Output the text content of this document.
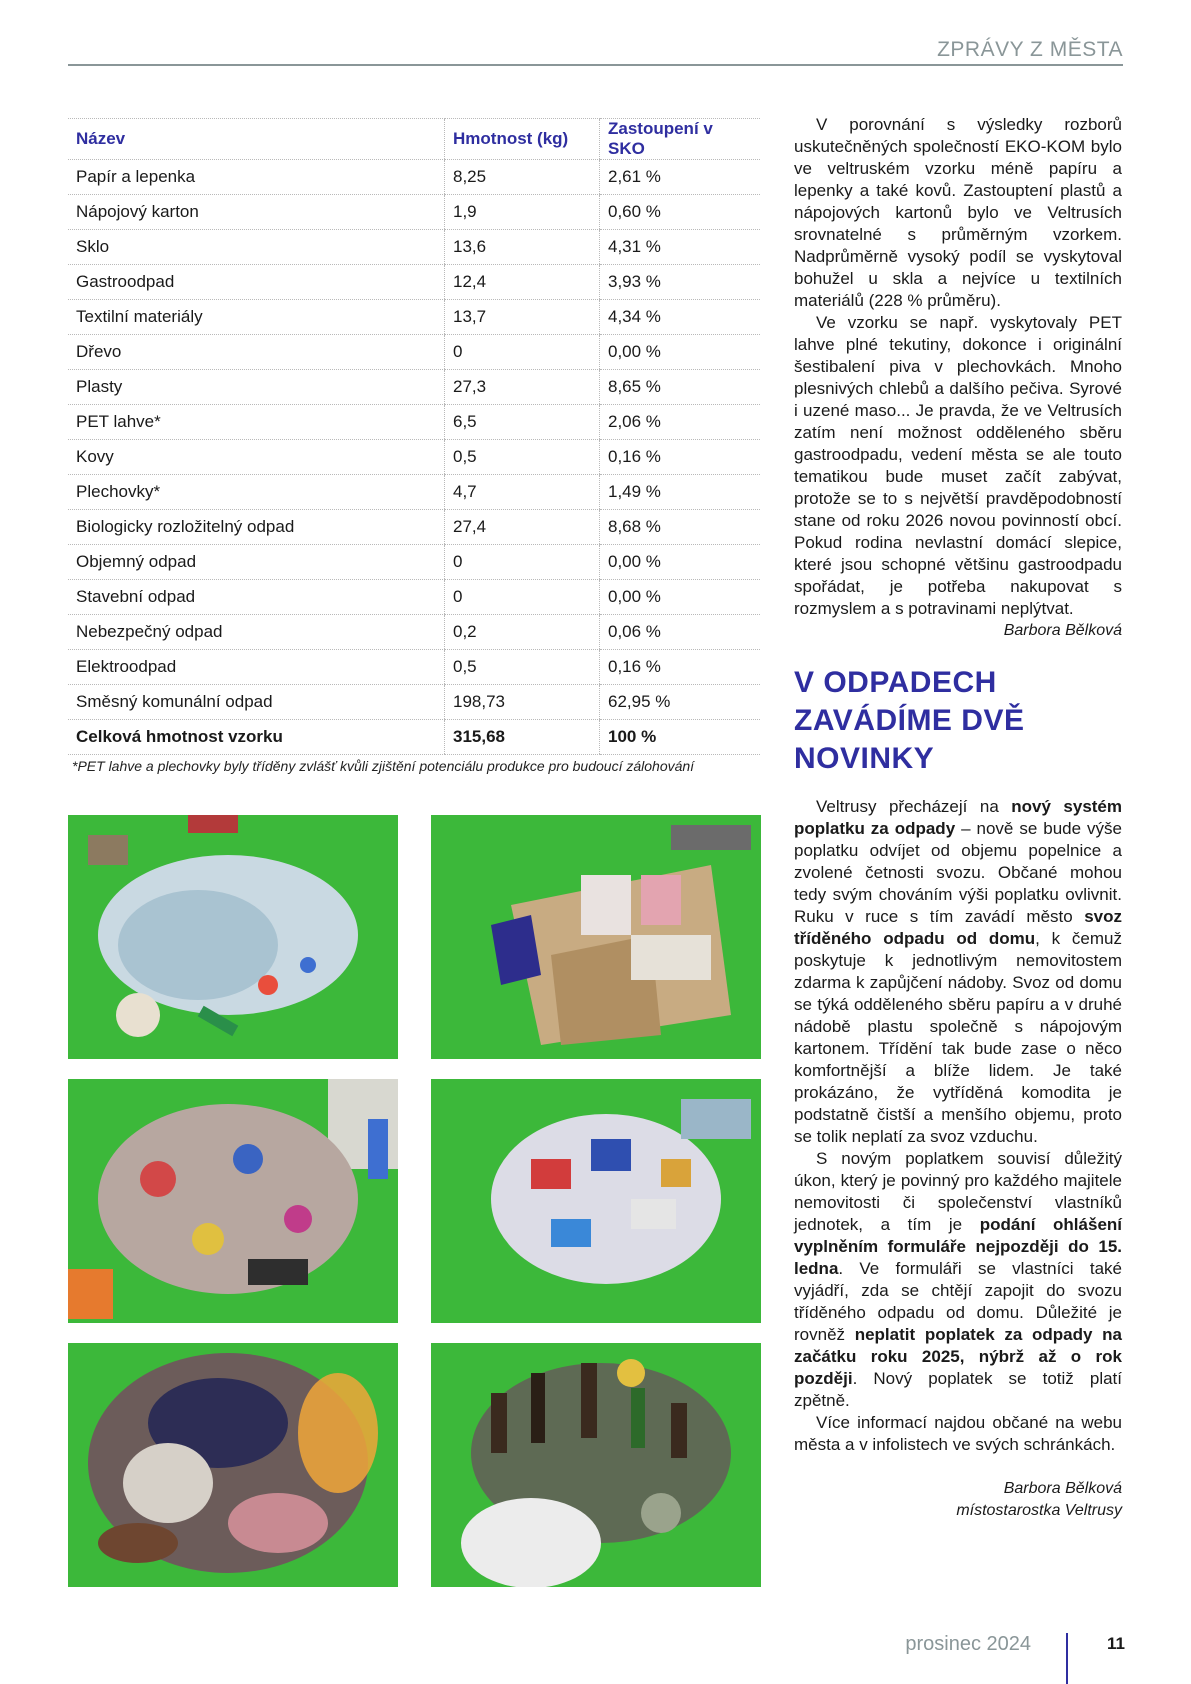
ZPRÁVY Z MĚSTA
Název	Hmotnost (kg)	Zastoupení v SKO
Papír a lepenka	8,25	2,61 %
Nápojový karton	1,9	0,60 %
Sklo	13,6	4,31 %
Gastroodpad	12,4	3,93 %
Textilní materiály	13,7	4,34 %
Dřevo	0	0,00 %
Plasty	27,3	8,65 %
PET lahve*	6,5	2,06 %
Kovy	0,5	0,16 %
Plechovky*	4,7	1,49 %
Biologicky rozložitelný odpad	27,4	8,68 %
Objemný odpad	0	0,00 %
Stavební odpad	0	0,00 %
Nebezpečný odpad	0,2	0,06 %
Elektroodpad	0,5	0,16 %
Směsný komunální odpad	198,73	62,95 %
Celková hmotnost vzorku	315,68	100 %
*PET lahve a plechovky byly tříděny zvlášť kvůli zjištění potenciálu produkce pro budoucí zálohování

V porovnání s výsledky rozborů uskutečněných společností EKO-KOM bylo ve veltruském vzorku méně papíru a lepenky a také kovů. Zastouptení plastů a nápojových kartonů bylo ve Veltrusích srovnatelné s průměrným vzorkem. Nadprůměrně vysoký podíl se vyskytoval bohužel u skla a nejvíce u textilních materiálů (228 % průměru).

Ve vzorku se např. vyskytovaly PET lahve plné tekutiny, dokonce i originální šestibalení piva v plechovkách. Mnoho plesnivých chlebů a dalšího pečiva. Syrové i uzené maso... Je pravda, že ve Veltrusích zatím není možnost odděleného sběru gastroodpadu, vedení města se ale touto tematikou bude muset začít zabývat, protože se to s největší pravděpodobností stane od roku 2026 novou povinností obcí. Pokud rodina nevlastní domácí slepice, které jsou schopné většinu gastroodpadu spořádat, je potřeba nakupovat s rozmyslem a s potravinami neplýtvat.

Barbora Bělková
V ODPADECH
ZAVÁDÍME DVĚ
NOVINKY

Veltrusy přecházejí na nový systém poplatku za odpady – nově se bude výše poplatku odvíjet od objemu popelnice a zvolené četnosti svozu. Občané mohou tedy svým chováním výši poplatku ovlivnit. Ruku v ruce s tím zavádí město svoz tříděného odpadu od domu, k čemuž poskytuje k jednotlivým nemovitostem zdarma k zapůjčení nádoby. Svoz od domu se týká odděleného sběru papíru a v druhé nádobě plastu společně s nápojovým kartonem. Třídění tak bude zase o něco komfortnější a blíže lidem. Je také prokázáno, že vytříděná komodita je podstatně čistší a menšího objemu, proto se tolik neplatí za svoz vzduchu.

S novým poplatkem souvisí důležitý úkon, který je povinný pro každého majitele nemovitosti či společenství vlastníků jednotek, a tím je podání ohlášení vyplněním formuláře nejpozději do 15. ledna. Ve formuláři se vlastníci také vyjádří, zda se chtějí zapojit do svozu tříděného odpadu od domu. Důležité je rovněž neplatit poplatek za odpady na začátku roku 2025, nýbrž až o rok později. Nový poplatek se totiž platí zpětně.

Více informací najdou občané na webu města a v infolistech ve svých schránkách.

Barbora Bělková
místostarostka Veltrusy
prosinec 2024	11
